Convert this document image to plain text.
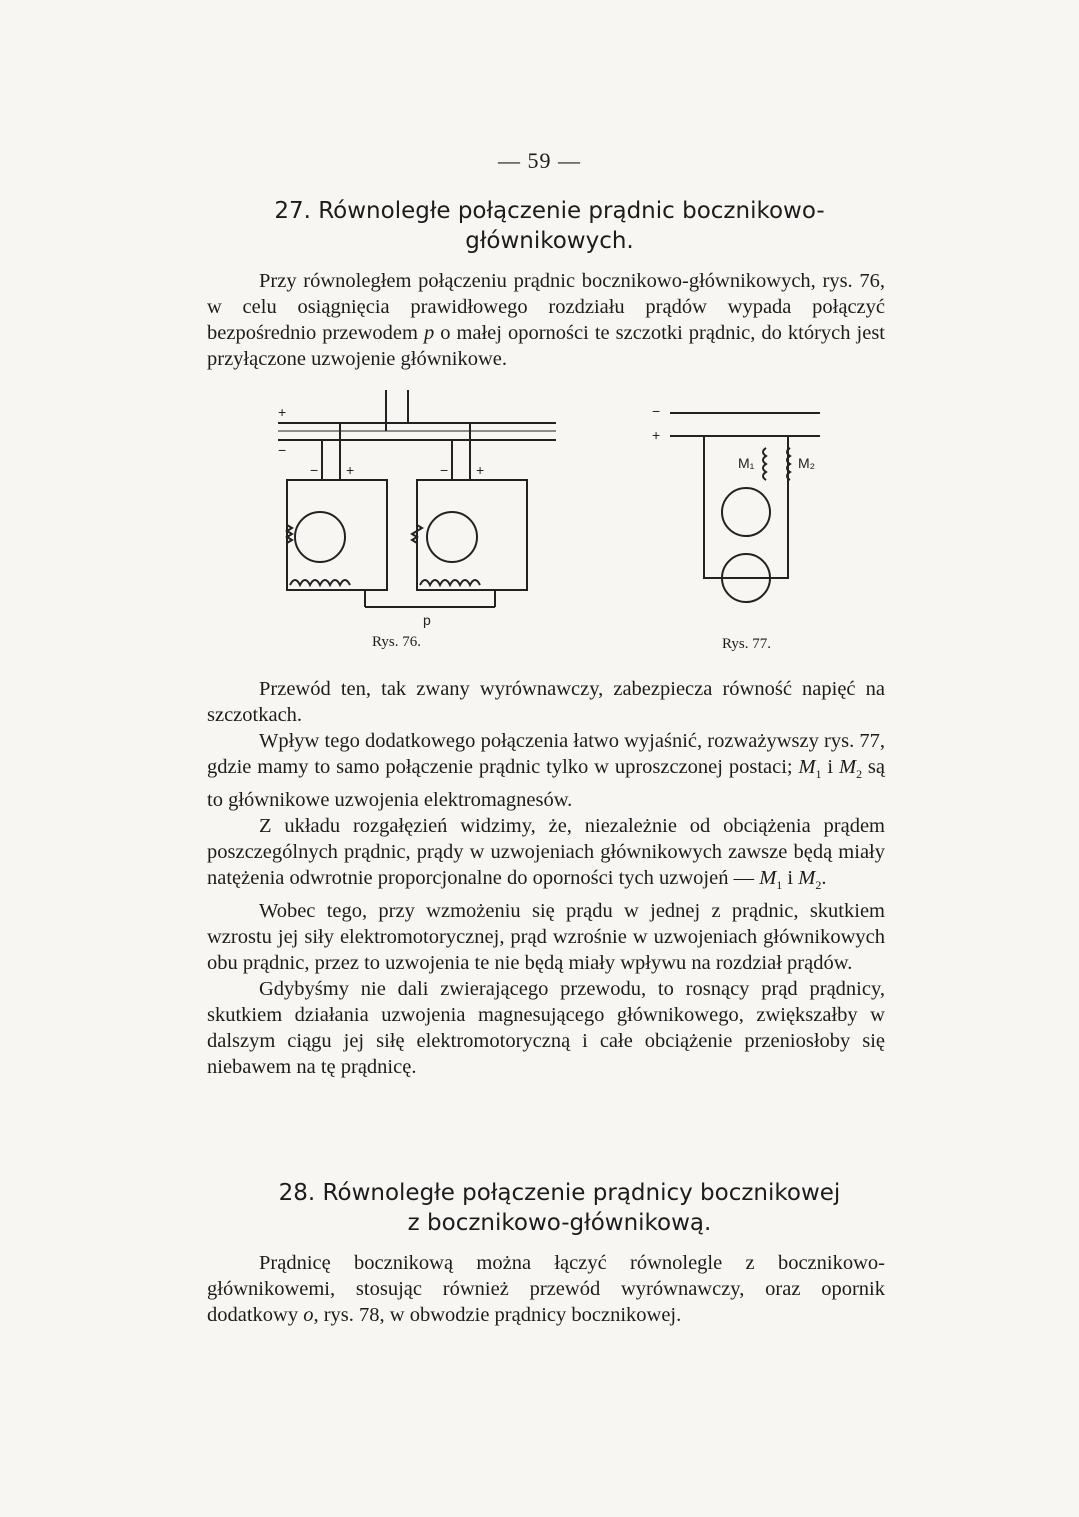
— 59 —
27. Równoległe połączenie prądnic bocznikowo-
głównikowych.

Przy równoległem połączeniu prądnic bocznikowo-głównikowych, rys. 76, w celu osiągnięcia prawidłowego rozdziału prądów wypada połączyć bezpośrednio przewodem p o małej oporności te szczotki prądnic, do których jest przyłączone uzwojenie głównikowe.

+
−
− +	− +
p
Rys. 76.
−
+
M₁	M₂
Rys. 77.

Przewód ten, tak zwany wyrównawczy, zabezpiecza równość napięć na szczotkach.

Wpływ tego dodatkowego połączenia łatwo wyjaśnić, rozważywszy rys. 77, gdzie mamy to samo połączenie prądnic tylko w uproszczonej postaci; $M_1$ i $M_2$ są to głównikowe uzwojenia elektromagnesów.

Z układu rozgałęzień widzimy, że, niezależnie od obciążenia prądem poszczególnych prądnic, prądy w uzwojeniach głównikowych zawsze będą miały natężenia odwrotnie proporcjonalne do oporności tych uzwojeń — $M_1$ i $M_2$.

Wobec tego, przy wzmożeniu się prądu w jednej z prądnic, skutkiem wzrostu jej siły elektromotorycznej, prąd wzrośnie w uzwojeniach głównikowych obu prądnic, przez to uzwojenia te nie będą miały wpływu na rozdział prądów.

Gdybyśmy nie dali zwierającego przewodu, to rosnący prąd prądnicy, skutkiem działania uzwojenia magnesującego głównikowego, zwiększałby w dalszym ciągu jej siłę elektromotoryczną i całe obciążenie przeniosłoby się niebawem na tę prądnicę.

28. Równoległe połączenie prądnicy bocznikowej
z bocznikowo-głównikową.

Prądnicę bocznikową można łączyć równolegle z bocznikowo-głównikowemi, stosując również przewód wyrównawczy, oraz opornik dodatkowy o, rys. 78, w obwodzie prądnicy bocznikowej.
